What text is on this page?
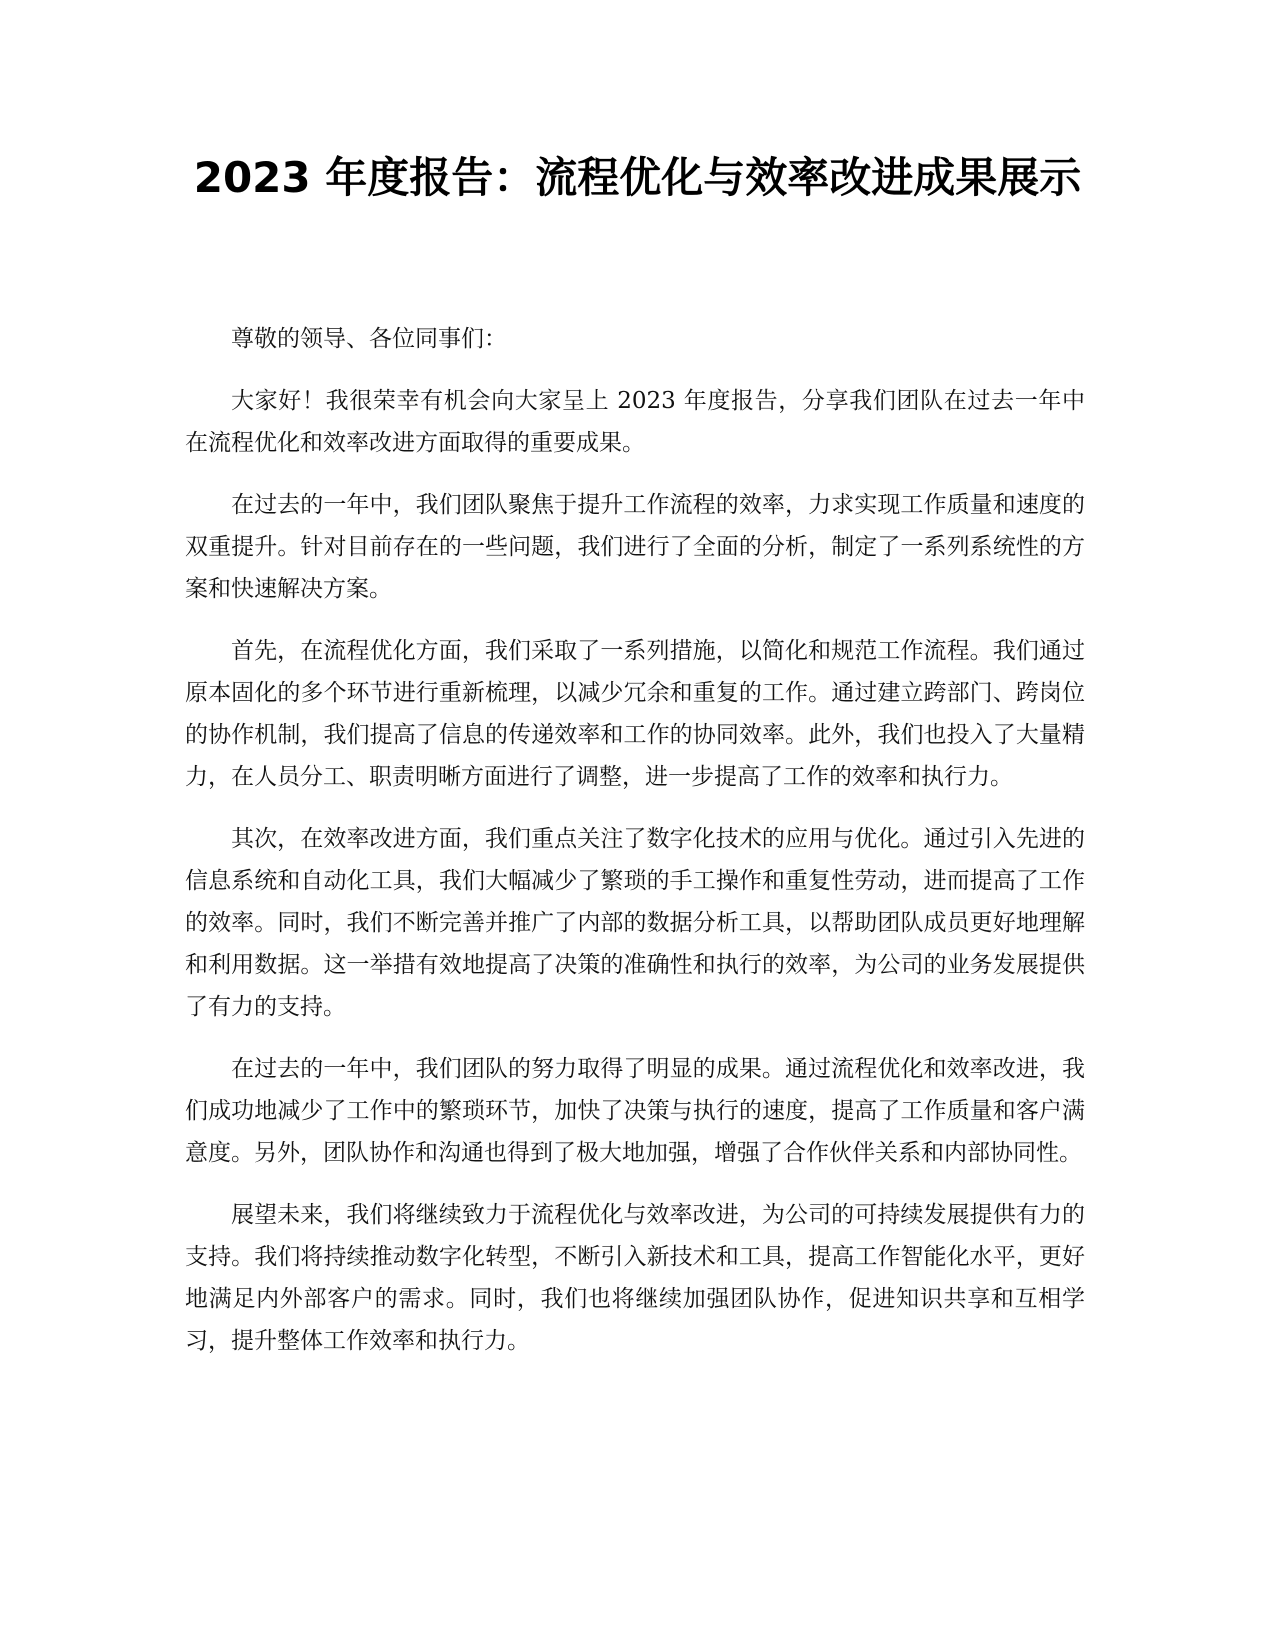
2023 年度报告：流程优化与效率改进成果展示

尊敬的领导、各位同事们：

大家好！我很荣幸有机会向大家呈上 2023 年度报告，分享我们团队在过去一年中在流程优化和效率改进方面取得的重要成果。

在过去的一年中，我们团队聚焦于提升工作流程的效率，力求实现工作质量和速度的双重提升。针对目前存在的一些问题，我们进行了全面的分析，制定了一系列系统性的方案和快速解决方案。

首先，在流程优化方面，我们采取了一系列措施，以简化和规范工作流程。我们通过原本固化的多个环节进行重新梳理，以减少冗余和重复的工作。通过建立跨部门、跨岗位的协作机制，我们提高了信息的传递效率和工作的协同效率。此外，我们也投入了大量精力，在人员分工、职责明晰方面进行了调整，进一步提高了工作的效率和执行力。

其次，在效率改进方面，我们重点关注了数字化技术的应用与优化。通过引入先进的信息系统和自动化工具，我们大幅减少了繁琐的手工操作和重复性劳动，进而提高了工作的效率。同时，我们不断完善并推广了内部的数据分析工具，以帮助团队成员更好地理解和利用数据。这一举措有效地提高了决策的准确性和执行的效率，为公司的业务发展提供了有力的支持。

在过去的一年中，我们团队的努力取得了明显的成果。通过流程优化和效率改进，我们成功地减少了工作中的繁琐环节，加快了决策与执行的速度，提高了工作质量和客户满意度。另外，团队协作和沟通也得到了极大地加强，增强了合作伙伴关系和内部协同性。

展望未来，我们将继续致力于流程优化与效率改进，为公司的可持续发展提供有力的支持。我们将持续推动数字化转型，不断引入新技术和工具，提高工作智能化水平，更好地满足内外部客户的需求。同时，我们也将继续加强团队协作，促进知识共享和互相学习，提升整体工作效率和执行力。
